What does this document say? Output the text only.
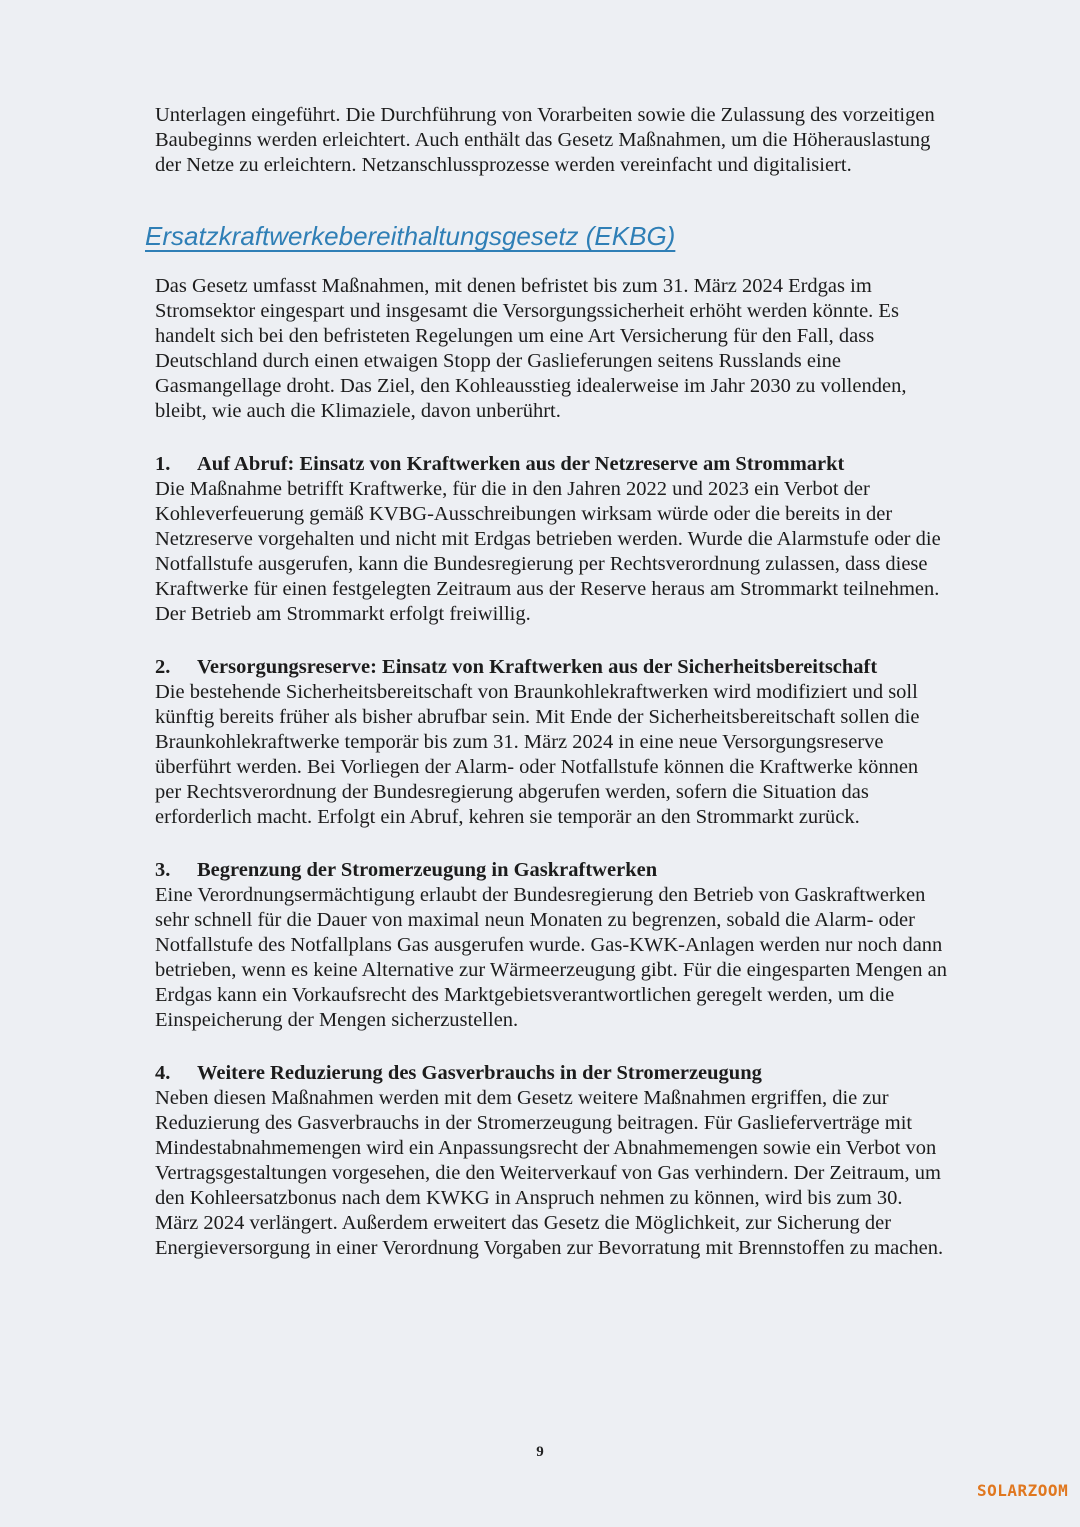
Unterlagen eingeführt. Die Durchführung von Vorarbeiten sowie die Zulassung des vorzeitigen Baubeginns werden erleichtert. Auch enthält das Gesetz Maßnahmen, um die Höherauslastung der Netze zu erleichtern. Netzanschlussprozesse werden vereinfacht und digitalisiert.

Ersatzkraftwerkebereithaltungsgesetz (EKBG)

Das Gesetz umfasst Maßnahmen, mit denen befristet bis zum 31. März 2024 Erdgas im Stromsektor eingespart und insgesamt die Versorgungssicherheit erhöht werden könnte. Es handelt sich bei den befristeten Regelungen um eine Art Versicherung für den Fall, dass Deutschland durch einen etwaigen Stopp der Gaslieferungen seitens Russlands eine Gasmangellage droht. Das Ziel, den Kohleausstieg idealerweise im Jahr 2030 zu vollenden, bleibt, wie auch die Klimaziele, davon unberührt.

1.	Auf Abruf: Einsatz von Kraftwerken aus der Netzreserve am Strommarkt

Die Maßnahme betrifft Kraftwerke, für die in den Jahren 2022 und 2023 ein Verbot der Kohleverfeuerung gemäß KVBG-Ausschreibungen wirksam würde oder die bereits in der Netzreserve vorgehalten und nicht mit Erdgas betrieben werden. Wurde die Alarmstufe oder die Notfallstufe ausgerufen, kann die Bundesregierung per Rechtsverordnung zulassen, dass diese Kraftwerke für einen festgelegten Zeitraum aus der Reserve heraus am Strommarkt teilnehmen. Der Betrieb am Strommarkt erfolgt freiwillig.

2.	Versorgungsreserve: Einsatz von Kraftwerken aus der Sicherheitsbereitschaft

Die bestehende Sicherheitsbereitschaft von Braunkohlekraftwerken wird modifiziert und soll künftig bereits früher als bisher abrufbar sein. Mit Ende der Sicherheitsbereitschaft sollen die Braunkohlekraftwerke temporär bis zum 31. März 2024 in eine neue Versorgungsreserve überführt werden. Bei Vorliegen der Alarm- oder Notfallstufe können die Kraftwerke können per Rechtsverordnung der Bundesregierung abgerufen werden, sofern die Situation das erforderlich macht. Erfolgt ein Abruf, kehren sie temporär an den Strommarkt zurück.

3.	Begrenzung der Stromerzeugung in Gaskraftwerken

Eine Verordnungsermächtigung erlaubt der Bundesregierung den Betrieb von Gaskraftwerken sehr schnell für die Dauer von maximal neun Monaten zu begrenzen, sobald die Alarm- oder Notfallstufe des Notfallplans Gas ausgerufen wurde. Gas-KWK-Anlagen werden nur noch dann betrieben, wenn es keine Alternative zur Wärmeerzeugung gibt. Für die eingesparten Mengen an Erdgas kann ein Vorkaufsrecht des Marktgebietsverantwortlichen geregelt werden, um die Einspeicherung der Mengen sicherzustellen.

4.	Weitere Reduzierung des Gasverbrauchs in der Stromerzeugung

Neben diesen Maßnahmen werden mit dem Gesetz weitere Maßnahmen ergriffen, die zur Reduzierung des Gasverbrauchs in der Stromerzeugung beitragen. Für Gaslieferverträge mit Mindestabnahmemengen wird ein Anpassungsrecht der Abnahmemengen sowie ein Verbot von Vertragsgestaltungen vorgesehen, die den Weiterverkauf von Gas verhindern. Der Zeitraum, um den Kohleersatzbonus nach dem KWKG in Anspruch nehmen zu können, wird bis zum 30. März 2024 verlängert. Außerdem erweitert das Gesetz die Möglichkeit, zur Sicherung der Energieversorgung in einer Verordnung Vorgaben zur Bevorratung mit Brennstoffen zu machen.

9
SOLARZOOM
